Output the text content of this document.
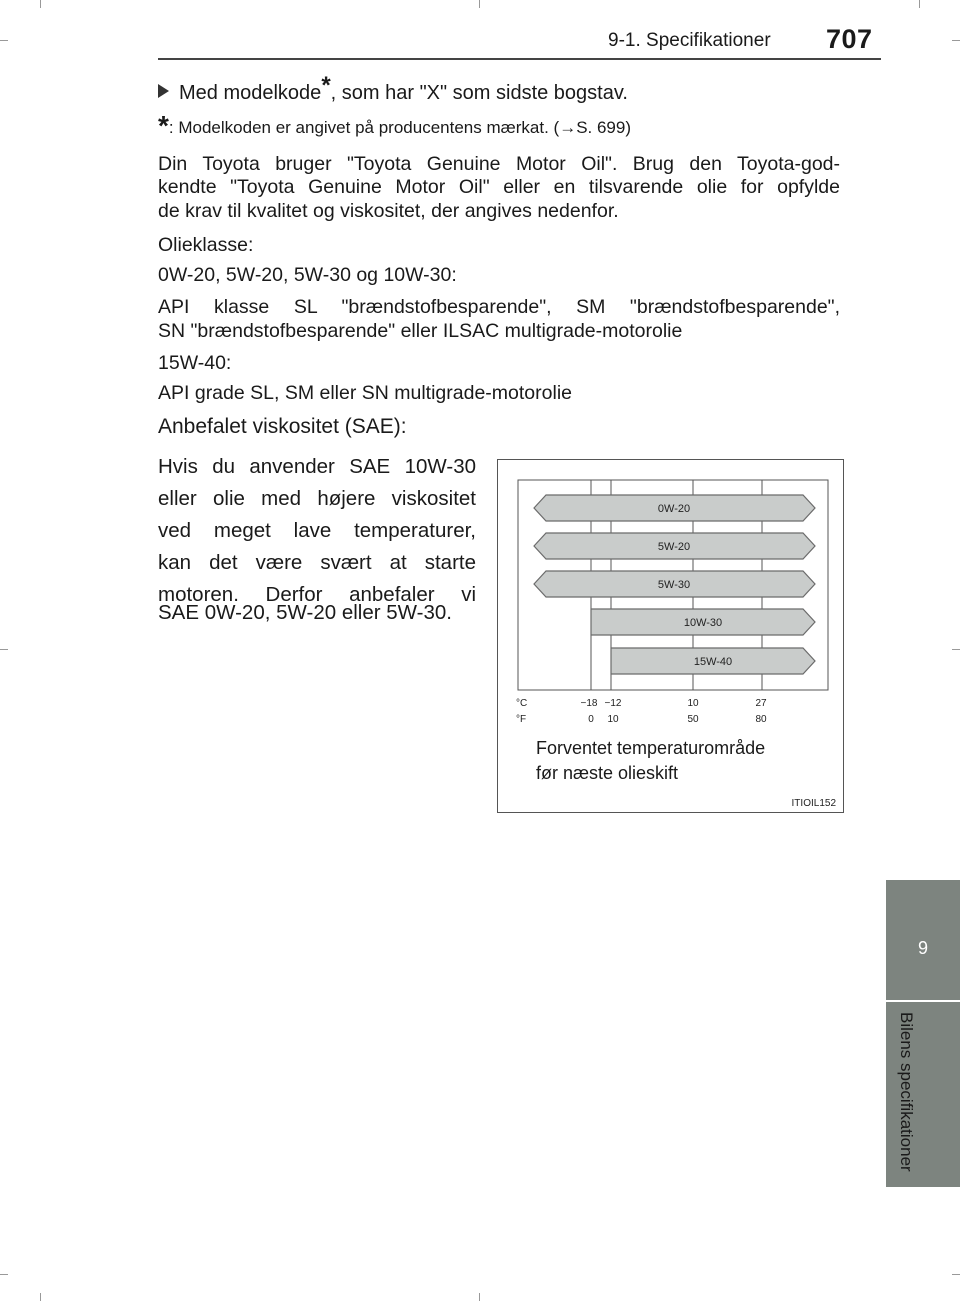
9-1. Specifikationer 707
Med modelkode*, som har "X" som sidste bogstav.
*: Modelkoden er angivet på producentens mærkat. (→S. 699)
Din Toyota bruger "Toyota Genuine Motor Oil". Brug den Toyota-god-
kendte "Toyota Genuine Motor Oil" eller en tilsvarende olie for opfylde
de krav til kvalitet og viskositet, der angives nedenfor.
Olieklasse:
0W-20, 5W-20, 5W-30 og 10W-30:
API klasse SL "brændstofbesparende", SM "brændstofbesparende",
SN "brændstofbesparende" eller ILSAC multigrade-motorolie
15W-40:
API grade SL, SM eller SN multigrade-motorolie
Anbefalet viskositet (SAE):
Hvis du anvender SAE 10W-30
eller olie med højere viskositet
ved meget lave temperaturer,
kan det være svært at starte
motoren. Derfor anbefaler vi
SAE 0W-20, 5W-20 eller 5W-30.
0W-20
5W-20
5W-30
10W-30
15W-40
°C	−18 −12	10	27
°F	0 10	50	80
Forventet temperaturområde
før næste olieskift
ITIOIL152
9
Bilens specifikationer
